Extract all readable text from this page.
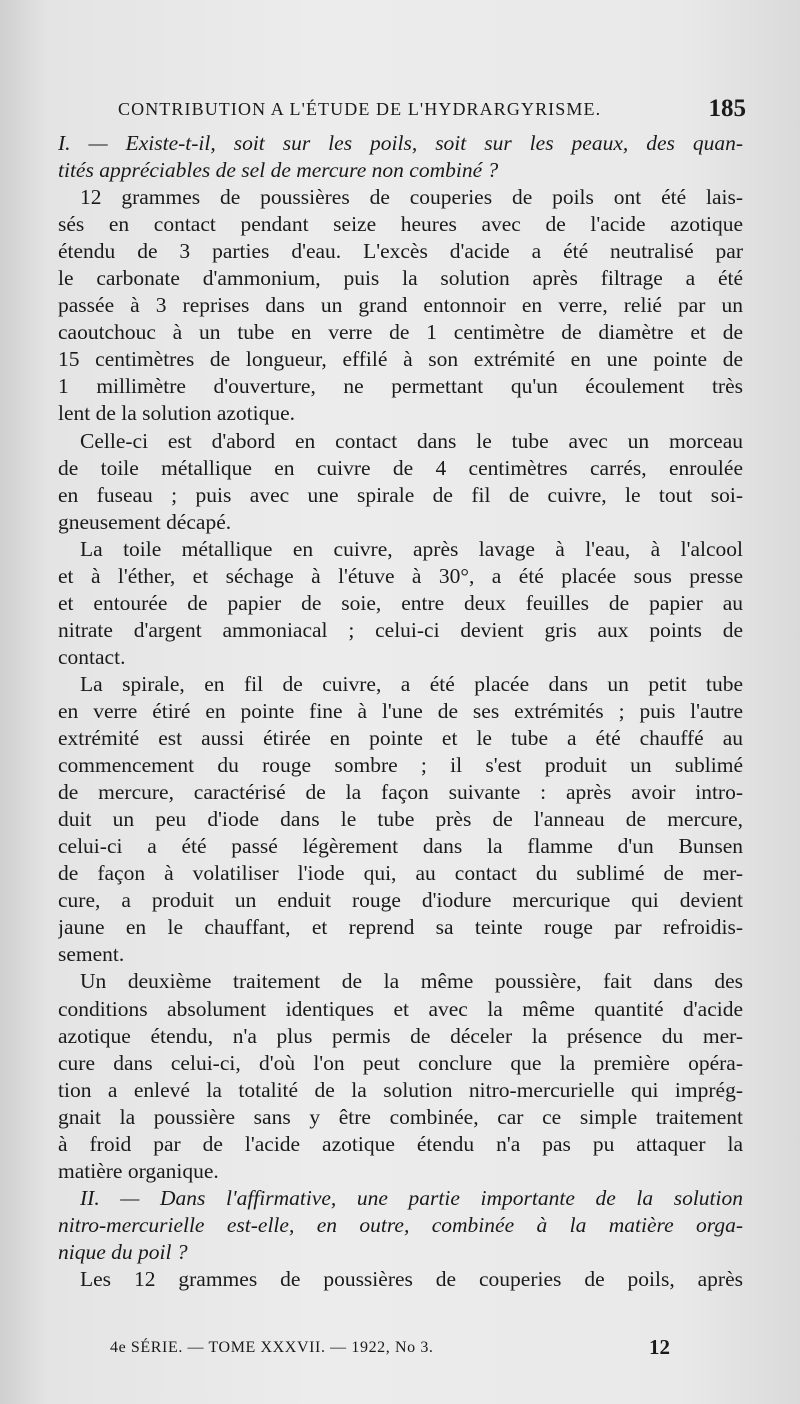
CONTRIBUTION A L'ÉTUDE DE L'HYDRARGYRISME.	185
I. — Existe-t-il, soit sur les poils, soit sur les peaux, des quan-
tités appréciables de sel de mercure non combiné ?
12 grammes de poussières de couperies de poils ont été lais-
sés en contact pendant seize heures avec de l'acide azotique
étendu de 3 parties d'eau. L'excès d'acide a été neutralisé par
le carbonate d'ammonium, puis la solution après filtrage a été
passée à 3 reprises dans un grand entonnoir en verre, relié par un
caoutchouc à un tube en verre de 1 centimètre de diamètre et de
15 centimètres de longueur, effilé à son extrémité en une pointe de
1 millimètre d'ouverture, ne permettant qu'un écoulement très
lent de la solution azotique.
Celle-ci est d'abord en contact dans le tube avec un morceau
de toile métallique en cuivre de 4 centimètres carrés, enroulée
en fuseau ; puis avec une spirale de fil de cuivre, le tout soi-
gneusement décapé.
La toile métallique en cuivre, après lavage à l'eau, à l'alcool
et à l'éther, et séchage à l'étuve à 30°, a été placée sous presse
et entourée de papier de soie, entre deux feuilles de papier au
nitrate d'argent ammoniacal ; celui-ci devient gris aux points de
contact.
La spirale, en fil de cuivre, a été placée dans un petit tube
en verre étiré en pointe fine à l'une de ses extrémités ; puis l'autre
extrémité est aussi étirée en pointe et le tube a été chauffé au
commencement du rouge sombre ; il s'est produit un sublimé
de mercure, caractérisé de la façon suivante : après avoir intro-
duit un peu d'iode dans le tube près de l'anneau de mercure,
celui-ci a été passé légèrement dans la flamme d'un Bunsen
de façon à volatiliser l'iode qui, au contact du sublimé de mer-
cure, a produit un enduit rouge d'iodure mercurique qui devient
jaune en le chauffant, et reprend sa teinte rouge par refroidis-
sement.
Un deuxième traitement de la même poussière, fait dans des
conditions absolument identiques et avec la même quantité d'acide
azotique étendu, n'a plus permis de déceler la présence du mer-
cure dans celui-ci, d'où l'on peut conclure que la première opéra-
tion a enlevé la totalité de la solution nitro-mercurielle qui imprég-
gnait la poussière sans y être combinée, car ce simple traitement
à froid par de l'acide azotique étendu n'a pas pu attaquer la
matière organique.
II. — Dans l'affirmative, une partie importante de la solution
nitro-mercurielle est-elle, en outre, combinée à la matière orga-
nique du poil ?
Les 12 grammes de poussières de couperies de poils, après
4e SÉRIE. — TOME XXXVII. — 1922, No 3.	12
